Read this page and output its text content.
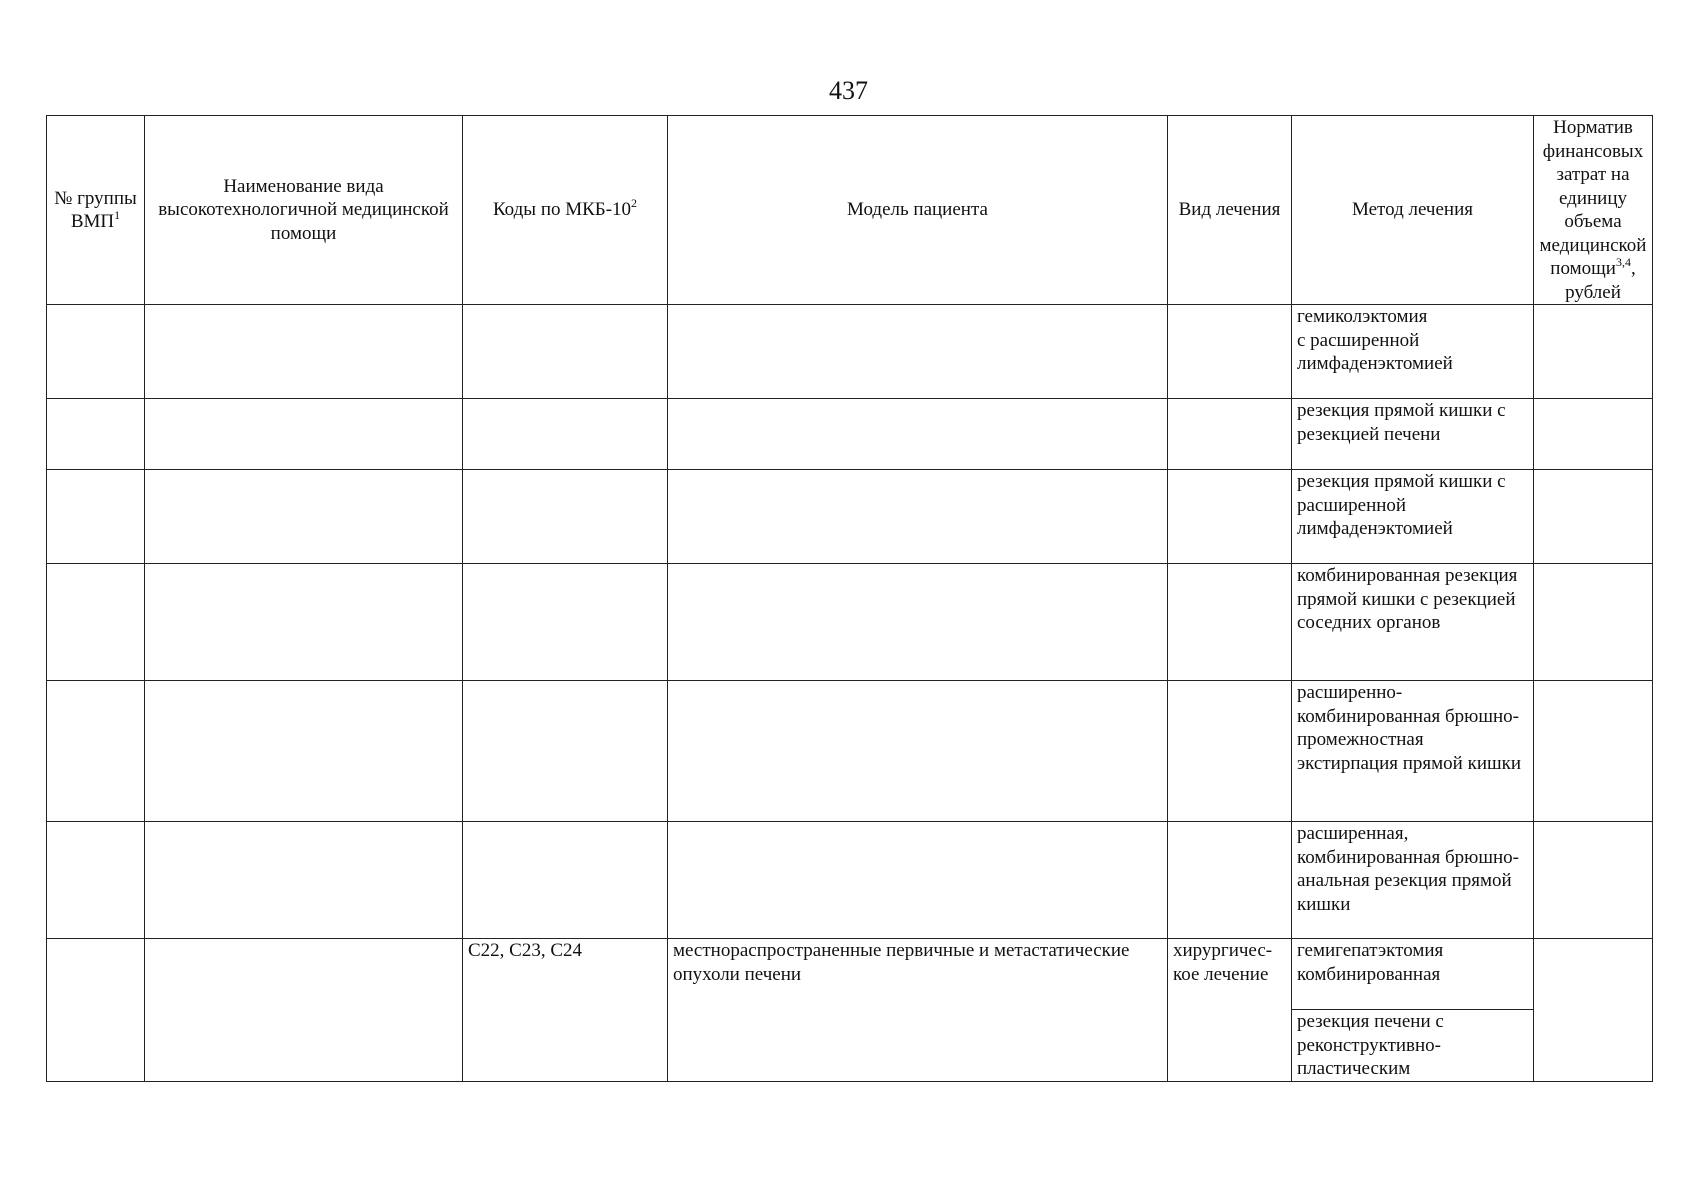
437
№ группы ВМП$^1$	Наименование вида высокотехнологичной медицинской помощи	Коды по МКБ-$10^2$	Модель пациента	Вид лечения	Метод лечения	Норматив финансовых затрат на единицу объема медицинской помощи$^{3,4}$, рублей
					гемиколэктомия
с расширенной
лимфаденэктомией	
					резекция прямой кишки с резекцией печени	
					резекция прямой кишки с расширенной лимфаденэктомией	
					комбинированная резекция прямой кишки с резекцией соседних органов	
					расширенно-комбинированная брюшно-промежностная экстирпация прямой кишки	
					расширенная, комбинированная брюшно-анальная резекция прямой кишки	
		C22, C23, C24	местнораспространенные первичные и метастатические опухоли печени	хирургичес-кое лечение	гемигепатэктомия комбинированная	
					резекция печени с реконструктивно-пластическим	
